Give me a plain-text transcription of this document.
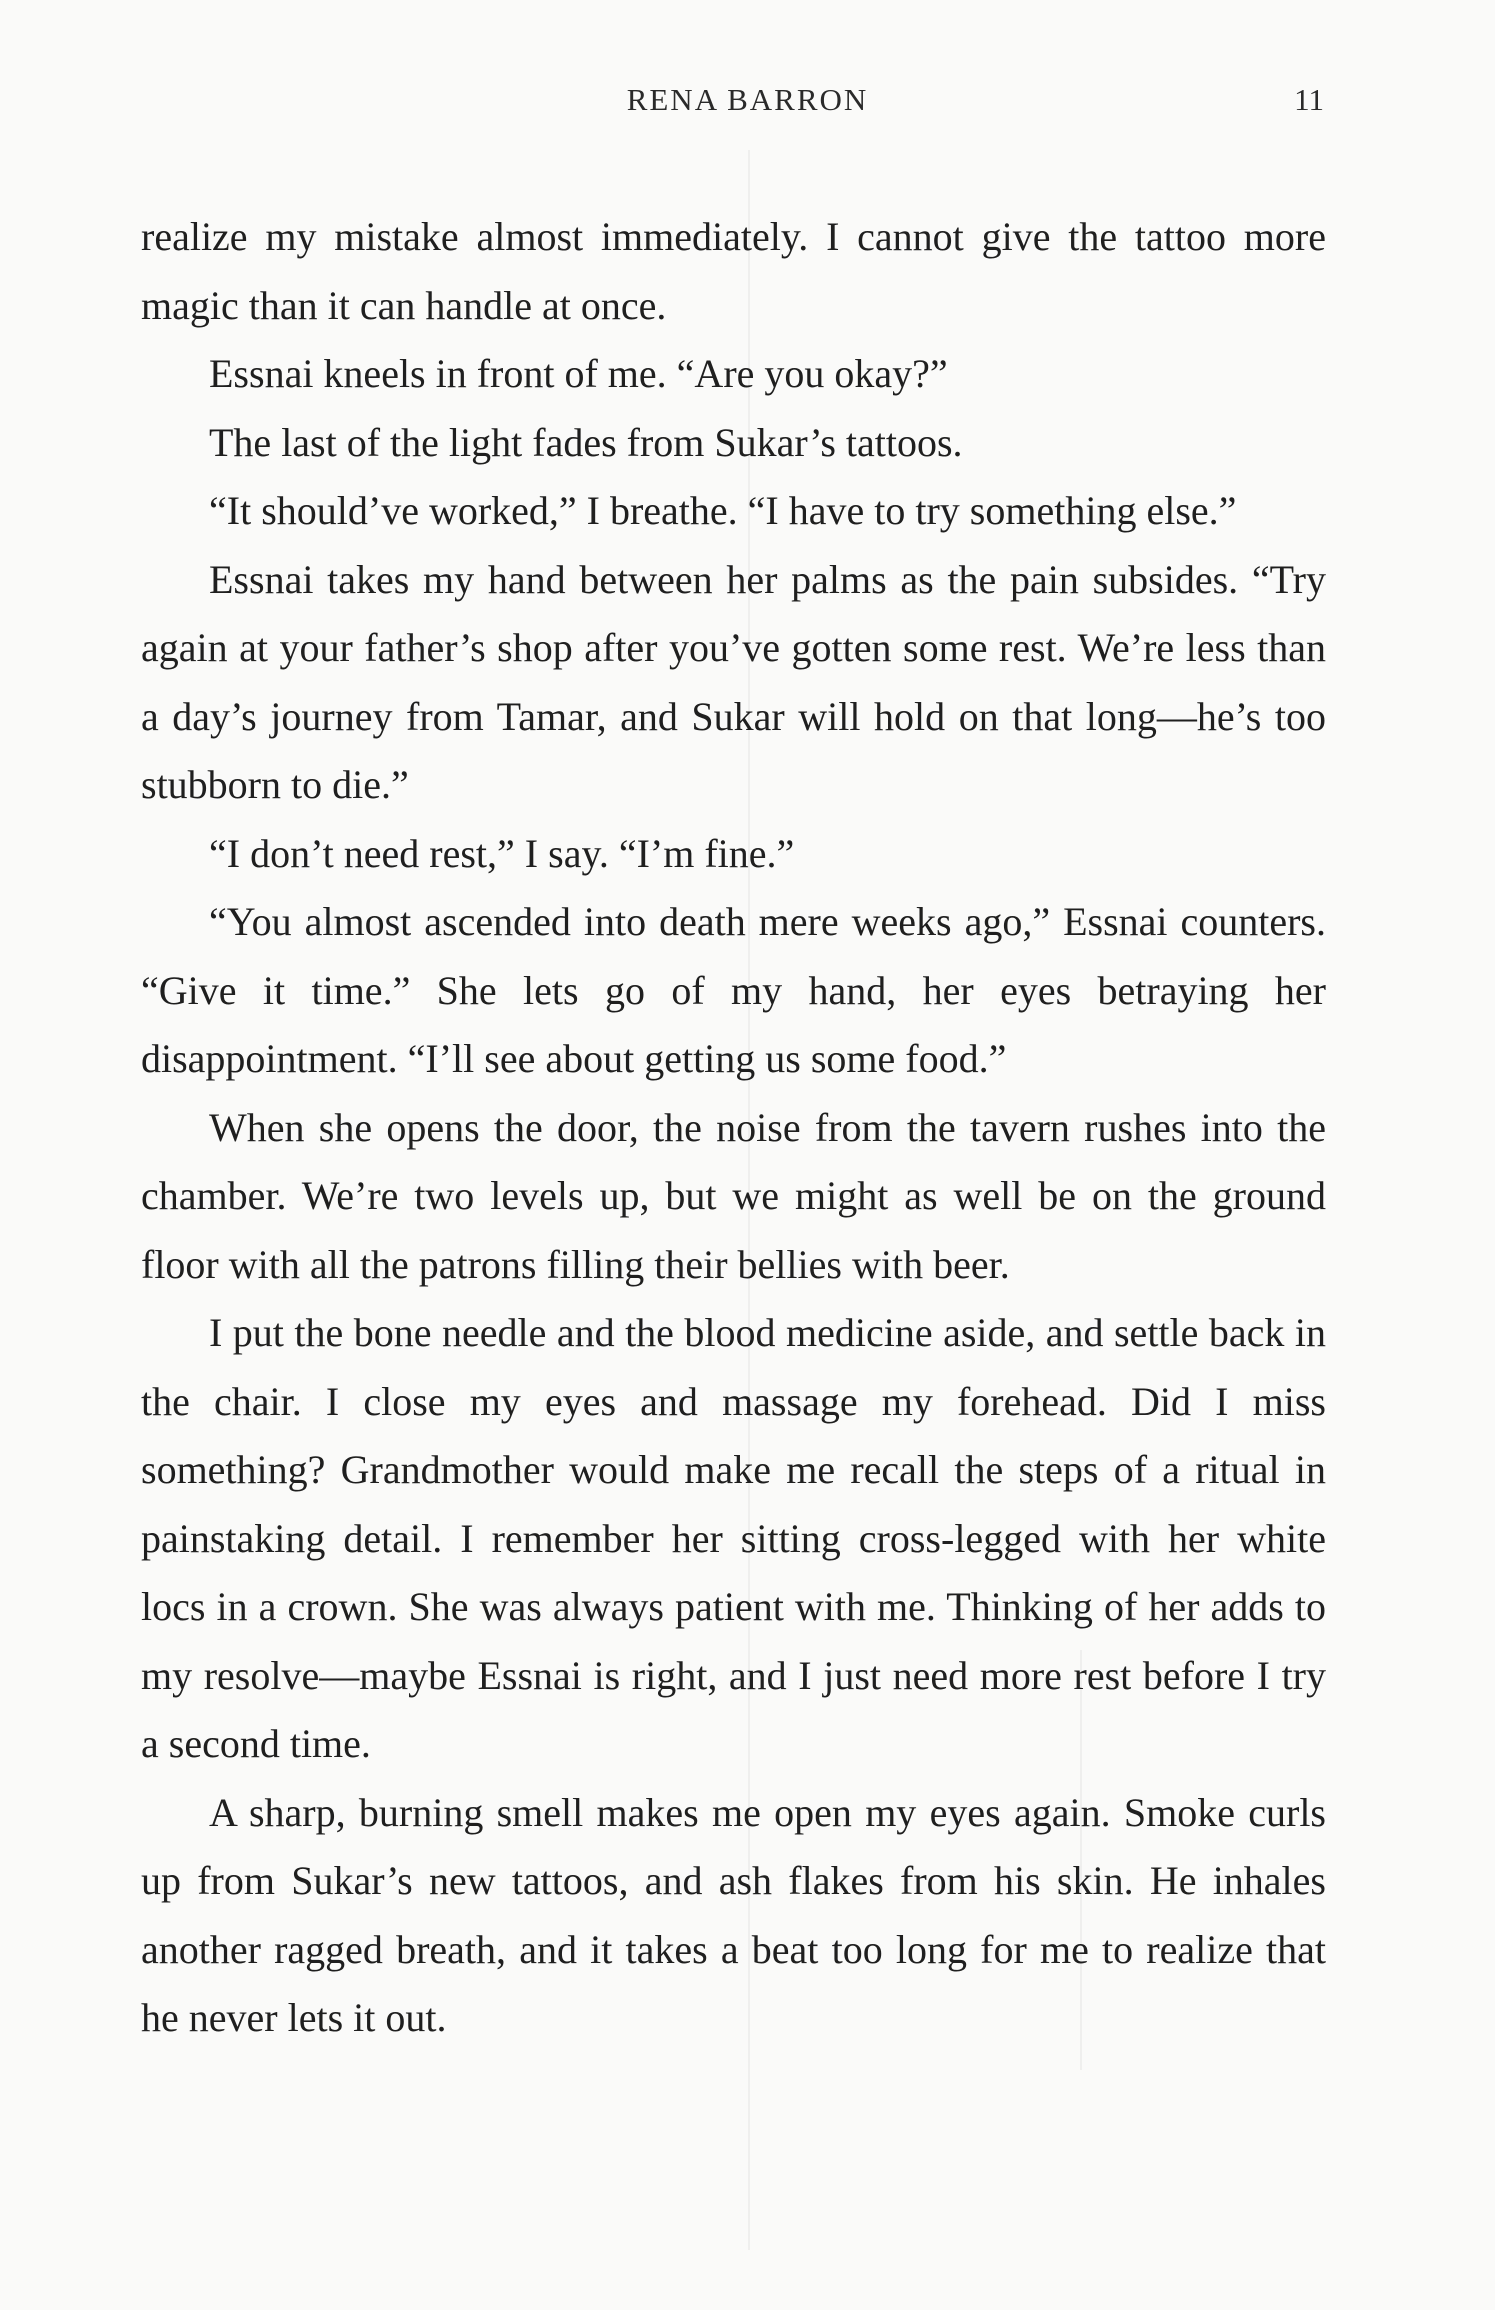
RENA BARRON	11

realize my mistake almost immediately. I cannot give the tattoo more magic than it can handle at once.

Essnai kneels in front of me. “Are you okay?”

The last of the light fades from Sukar’s tattoos.

“It should’ve worked,” I breathe. “I have to try something else.”

Essnai takes my hand between her palms as the pain subsides. “Try again at your father’s shop after you’ve gotten some rest. We’re less than a day’s journey from Tamar, and Sukar will hold on that long—he’s too stubborn to die.”

“I don’t need rest,” I say. “I’m fine.”

“You almost ascended into death mere weeks ago,” Essnai counters. “Give it time.” She lets go of my hand, her eyes betraying her disappointment. “I’ll see about getting us some food.”

When she opens the door, the noise from the tavern rushes into the chamber. We’re two levels up, but we might as well be on the ground floor with all the patrons filling their bellies with beer.

I put the bone needle and the blood medicine aside, and settle back in the chair. I close my eyes and massage my forehead. Did I miss something? Grandmother would make me recall the steps of a ritual in painstaking detail. I remember her sitting cross-legged with her white locs in a crown. She was always patient with me. Thinking of her adds to my resolve—maybe Essnai is right, and I just need more rest before I try a second time.

A sharp, burning smell makes me open my eyes again. Smoke curls up from Sukar’s new tattoos, and ash flakes from his skin. He inhales another ragged breath, and it takes a beat too long for me to realize that he never lets it out.
